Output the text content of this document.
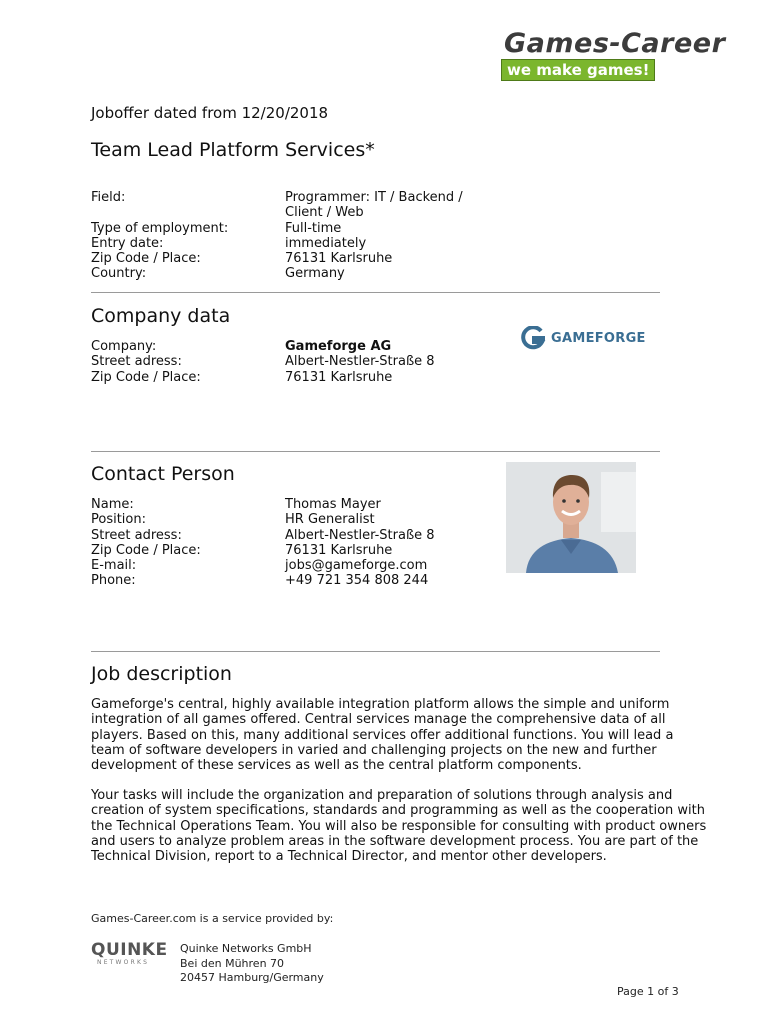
Games-Career
we make games!
Joboffer dated from 12/20/2018
Team Lead Platform Services*
Field:	Programmer: IT / Backend / Client / Web
Type of employment:	Full-time
Entry date:	immediately
Zip Code / Place:	76131 Karlsruhe
Country:	Germany
Company data
Company:	Gameforge AG
Street adress:	Albert-Nestler-Straße 8
Zip Code / Place:	76131 Karlsruhe
GAMEFORGE
Contact Person
Name:	Thomas Mayer
Position:	HR Generalist
Street adress:	Albert-Nestler-Straße 8
Zip Code / Place:	76131 Karlsruhe
E-mail:	jobs@gameforge.com
Phone:	+49 721 354 808 244
Job description
Gameforge's central, highly available integration platform allows the simple and uniform integration of all games offered. Central services manage the comprehensive data of all players. Based on this, many additional services offer additional functions. You will lead a team of software developers in varied and challenging projects on the new and further development of these services as well as the central platform components.
Your tasks will include the organization and preparation of solutions through analysis and creation of system specifications, standards and programming as well as the cooperation with the Technical Operations Team. You will also be responsible for consulting with product owners and users to analyze problem areas in the software development process. You are part of the Technical Division, report to a Technical Director, and mentor other developers.
Games-Career.com is a service provided by:
QUINKE
NETWORKS
Quinke Networks GmbH
Bei den Mühren 70
20457 Hamburg/Germany
Page 1 of 3
